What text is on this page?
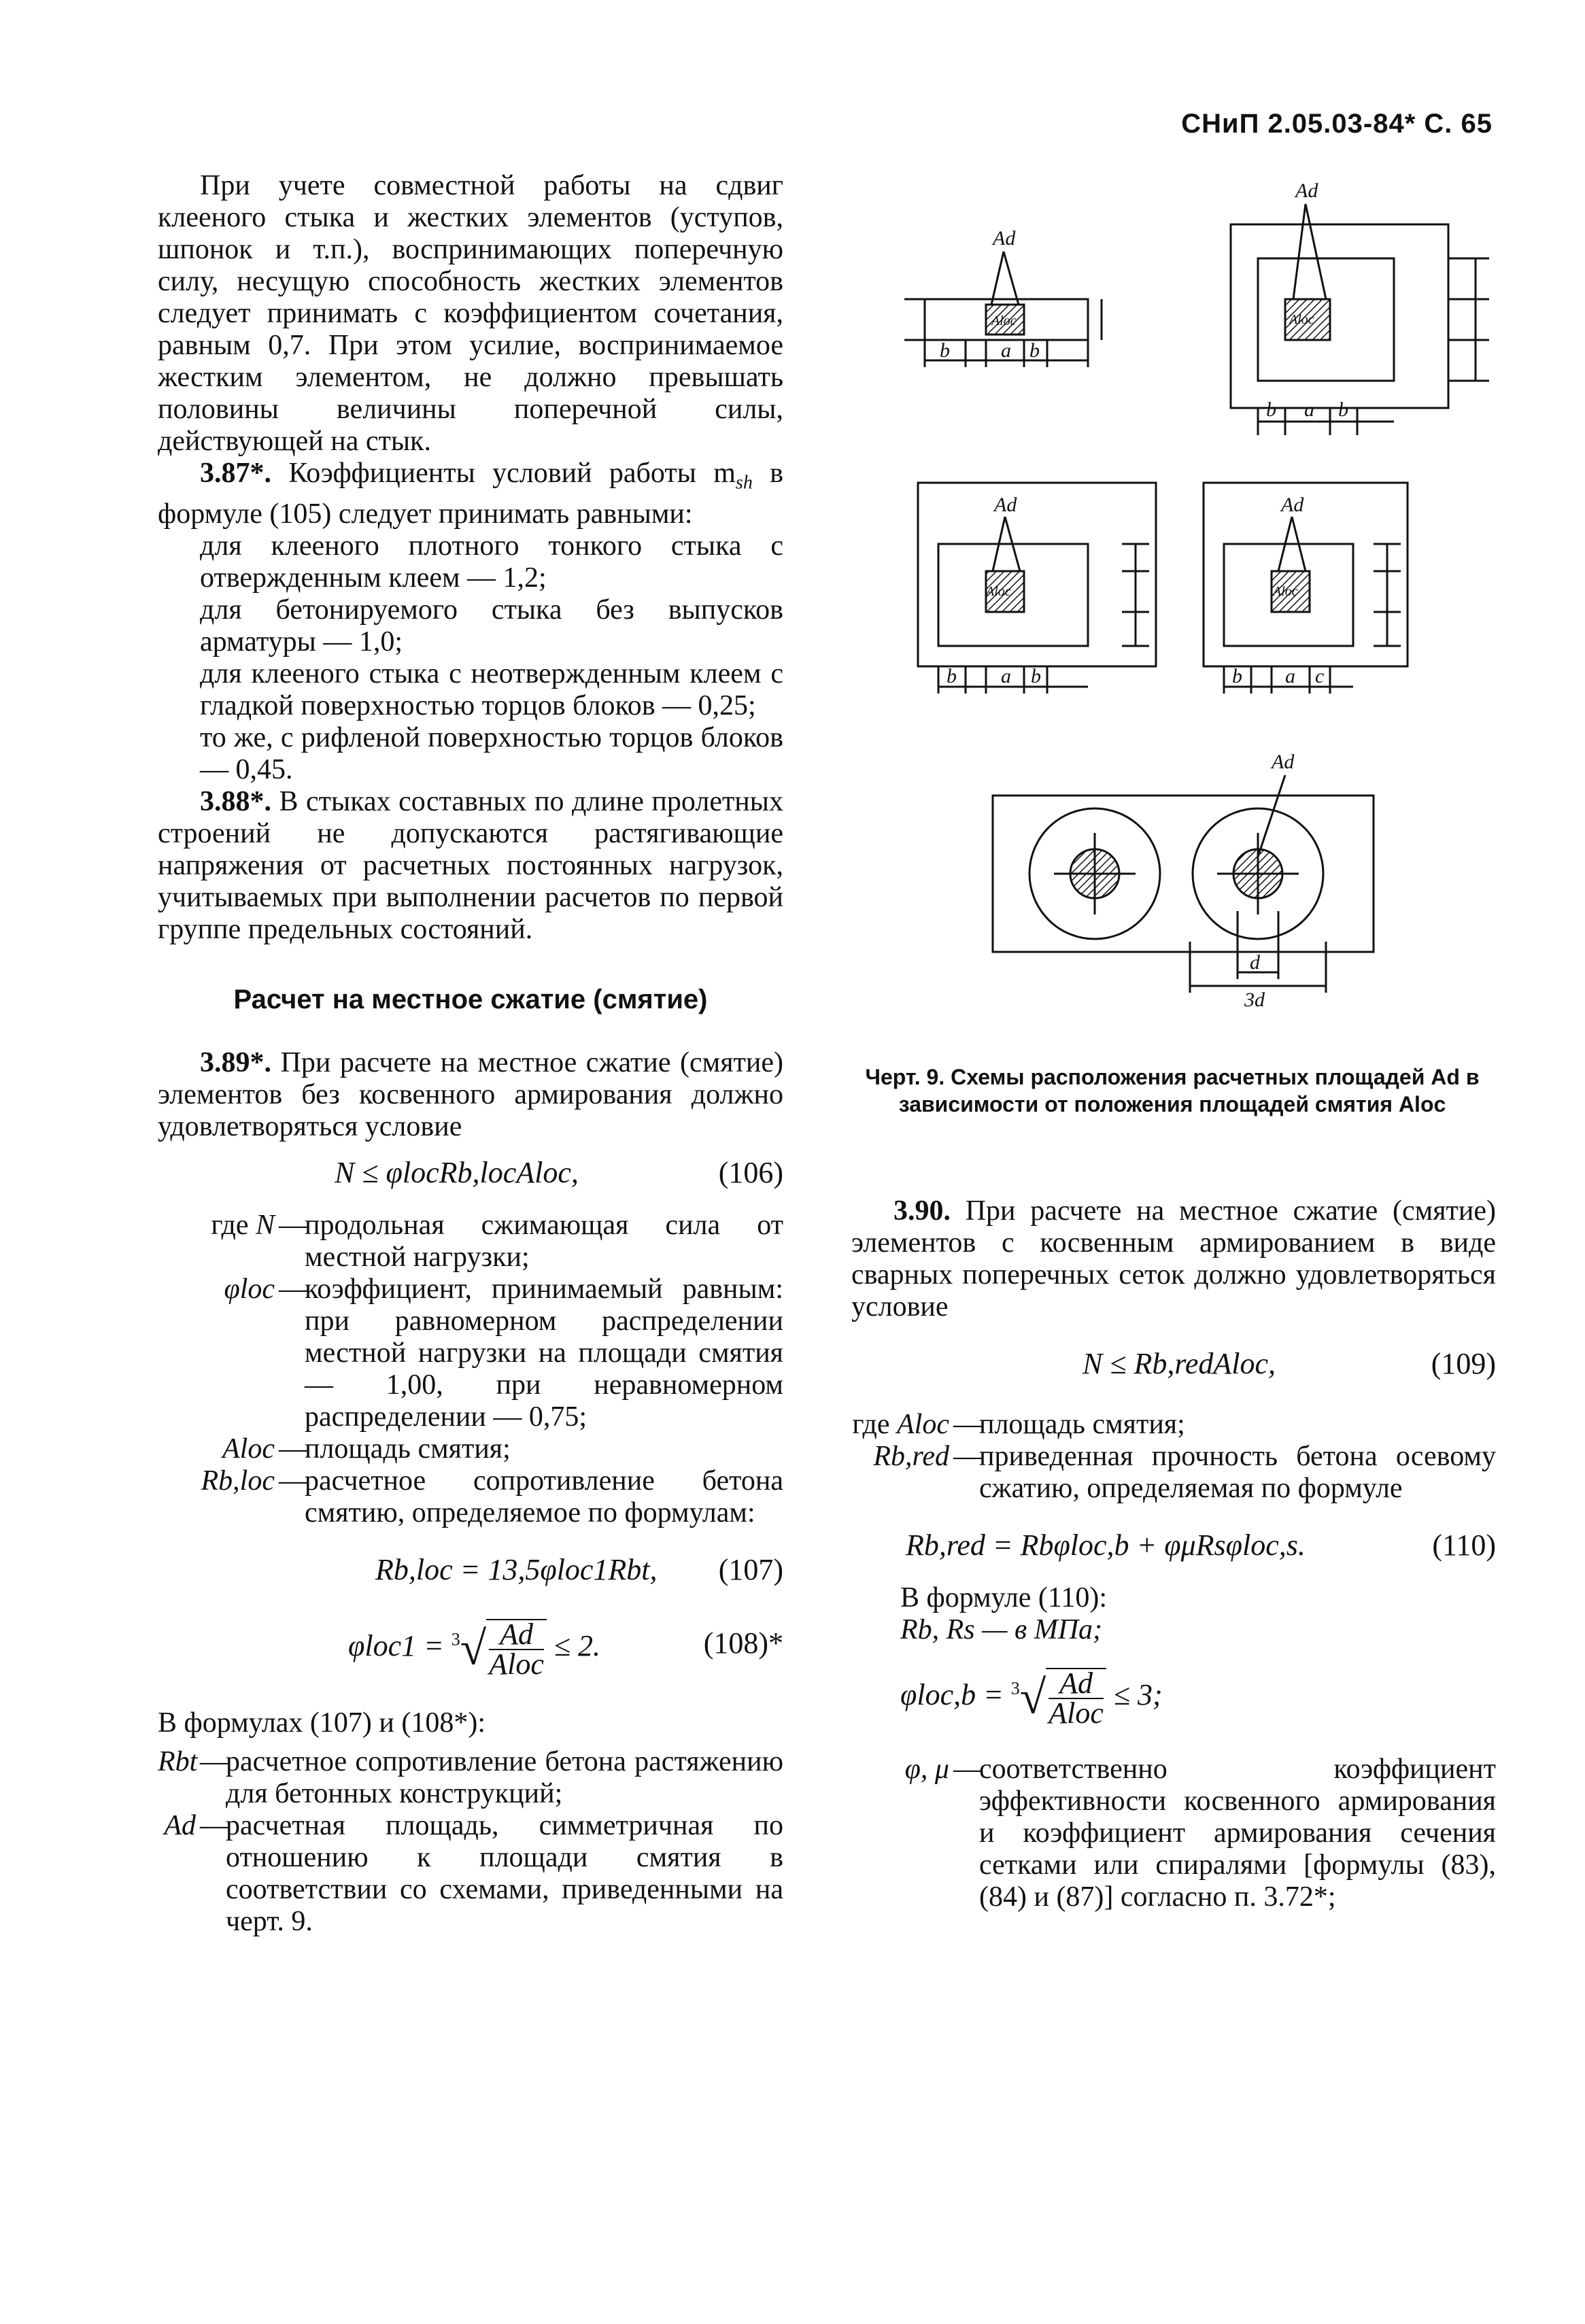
СНиП 2.05.03-84* С. 65

При учете совместной работы на сдвиг клееного стыка и жестких элементов (уступов, шпонок и т.п.), воспринимающих поперечную силу, несущую способность жестких элементов следует принимать с коэффициентом сочетания, равным 0,7. При этом усилие, воспринимаемое жестким элементом, не должно превышать половины величины поперечной силы, действующей на стык.

3.87*. Коэффициенты условий работы $m_{sh}$ в формуле (105) следует принимать равными:

для клееного плотного тонкого стыка с отвержденным клеем — 1,2;

для бетонируемого стыка без выпусков арматуры — 1,0;

для клееного стыка с неотвержденным клеем с гладкой поверхностью торцов блоков — 0,25;

то же, с рифленой поверхностью торцов блоков — 0,45.

3.88*. В стыках составных по длине пролетных строений не допускаются растягивающие напряжения от расчетных постоянных нагрузок, учитываемых при выполнении расчетов по первой группе предельных состояний.

Расчет на местное сжатие (смятие)

3.89*. При расчете на местное сжатие (смятие) элементов без косвенного армирования должно удовлетворяться условие

N ≤ φlocRb,locAloc,	(106)
где N —
продольная сжимающая сила от местной нагрузки;
φloc —
коэффициент, принимаемый равным: при равномерном распределении местной нагрузки на площади смятия — 1,00, при неравномерном распределении — 0,75;
Aloc —
площадь смятия;
Rb,loc —
расчетное сопротивление бетона смятию, определяемое по формулам:
Rb,loc = 13,5φloc1Rbt, (107)
$\varphi loc1 = ^3√ \frac{Ad}{\text{Aloc}} \le 2$.	(108)*

В формулах (107) и (108*):

Rbt —
расчетное сопротивление бетона растяжению для бетонных конструкций;
Ad —
расчетная площадь, симметричная по отношению к площади смятия в соответствии со схемами, приведенными на черт. 9.
Ad
Aloc
b	a b
Ad
Aloc
b a b
Ad
Aloc
b a b
Ad
Aloc
b a c
Ad
d
3d
Черт. 9. Схемы расположения расчетных площадей Ad в
зависимости от положения площадей смятия Aloc

3.90. При расчете на местное сжатие (смятие) элементов с косвенным армированием в виде сварных поперечных сеток должно удовлетворяться условие

N ≤ Rb,redAloc,	(109)
где Aloc —
площадь смятия;
Rb,red —
приведенная прочность бетона осевому сжатию, определяемая по формуле
Rb,red = Rbφloc,b + φμRsφloc,s.	(110)

В формуле (110):

Rb, Rs — в МПа;

$\varphi loc,b = ^3√ \frac{Ad}{\text{Aloc}} \le 3$;
φ, μ —
соответственно коэффициент эффективности косвенного армирования и коэффициент армирования сечения сетками или спиралями [формулы (83), (84) и (87)] согласно п. 3.72*;
